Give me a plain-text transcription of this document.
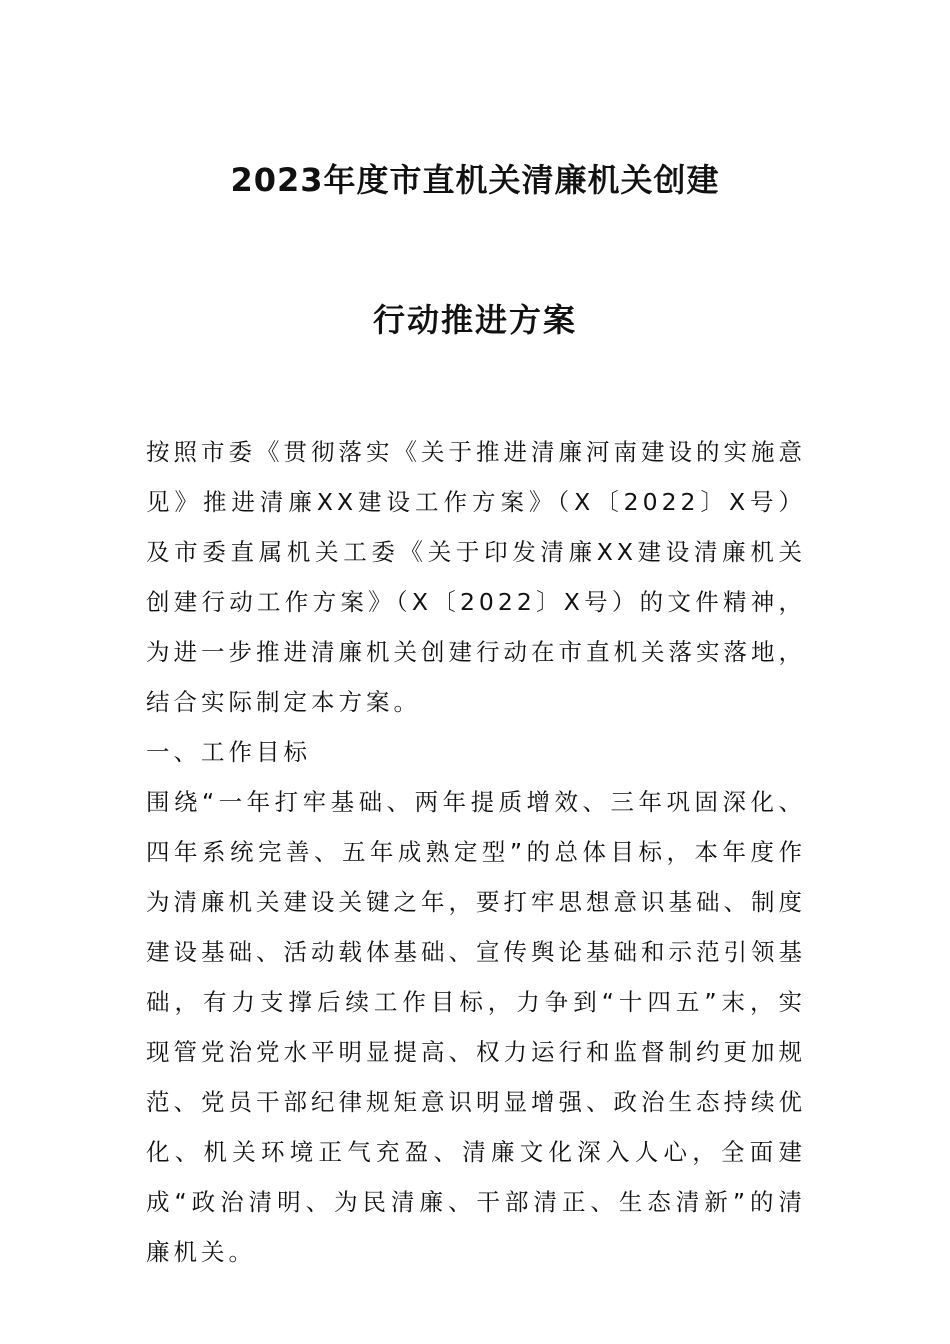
2023年度市直机关清廉机关创建
行动推进方案

按照市委《贯彻落实《关于推进清廉河南建设的实施意见》推进清廉XX建设工作方案》（X〔2022〕X号）及市委直属机关工委《关于印发清廉XX建设清廉机关创建行动工作方案》（X〔2022〕X号）的文件精神，为进一步推进清廉机关创建行动在市直机关落实落地，结合实际制定本方案。

一、工作目标

围绕“一年打牢基础、两年提质增效、三年巩固深化、四年系统完善、五年成熟定型”的总体目标，本年度作为清廉机关建设关键之年，要打牢思想意识基础、制度建设基础、活动载体基础、宣传舆论基础和示范引领基础，有力支撑后续工作目标，力争到“十四五”末，实现管党治党水平明显提高、权力运行和监督制约更加规范、党员干部纪律规矩意识明显增强、政治生态持续优化、机关环境正气充盈、清廉文化深入人心，全面建成“政治清明、为民清廉、干部清正、生态清新”的清廉机关。
